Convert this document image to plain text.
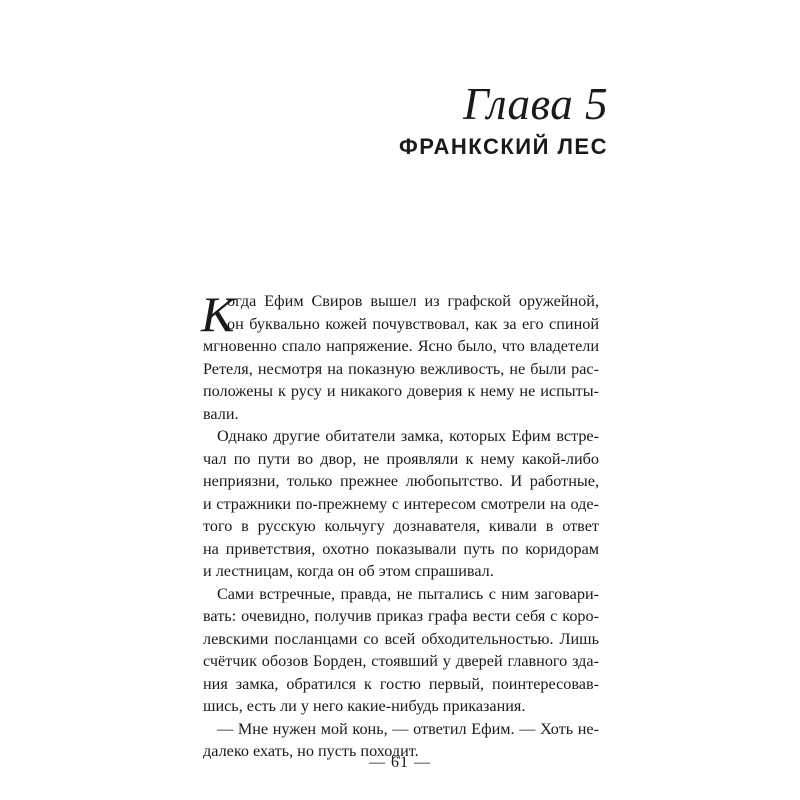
Глава 5
ФРАНКСКИЙ ЛЕС
К
огда Ефим Свиров вышел из графской оружейной,
он буквально кожей почувствовал, как за его спиной
мгновенно спало напряжение. Ясно было, что владетели
Ретеля, несмотря на показную вежливость, не были рас-
положены к русу и никакого доверия к нему не испыты-
вали.
Однако другие обитатели замка, которых Ефим встре-
чал по пути во двор, не проявляли к нему какой-либо
неприязни, только прежнее любопытство. И работные,
и стражники по-прежнему с интересом смотрели на оде-
того в русскую кольчугу дознавателя, кивали в ответ
на приветствия, охотно показывали путь по коридорам
и лестницам, когда он об этом спрашивал.
Сами встречные, правда, не пытались с ним заговари-
вать: очевидно, получив приказ графа вести себя с коро-
левскими посланцами со всей обходительностью. Лишь
счётчик обозов Борден, стоявший у дверей главного зда-
ния замка, обратился к гостю первый, поинтересовав-
шись, есть ли у него какие-нибудь приказания.
— Мне нужен мой конь, — ответил Ефим. — Хоть не-
далеко ехать, но пусть походит.
— 61 —
